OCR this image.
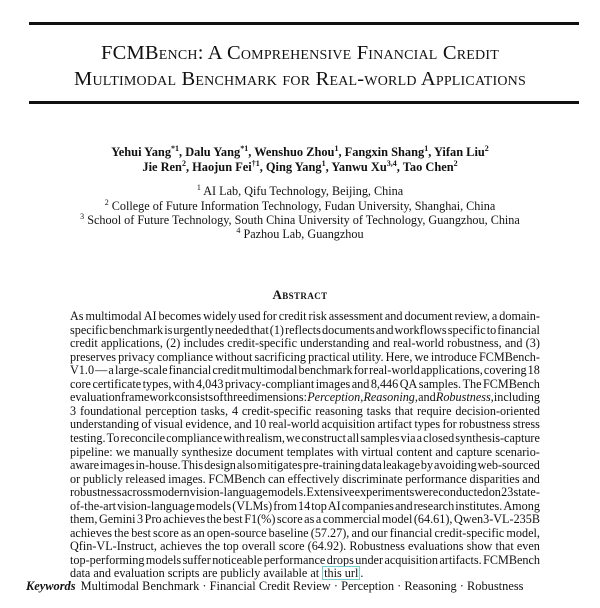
FCMBench: A Comprehensive Financial Credit
Multimodal Benchmark for Real-world Applications
Yehui Yang$^{*1}$, Dalu Yang$^{*1}$, Wenshuo Zhou$^1$, Fangxin Shang$^1$, Yifan Liu$^2$
Jie Ren$^2$, Haojun Fei$^{\dagger 1}$, Qing Yang$^1$, Yanwu Xu$^{3,4}$, Tao Chen$^2$
$^1$ AI Lab, Qifu Technology, Beijing, China
$^2$ College of Future Information Technology, Fudan University, Shanghai, China
$^3$ School of Future Technology, South China University of Technology, Guangzhou, China
$^4$ Pazhou Lab, Guangzhou
Abstract
As multimodal AI becomes widely used for credit risk assessment and document review, a domain-
specific benchmark is urgently needed that (1) reflects documents and workflows specific to financial
credit applications, (2) includes credit-specific understanding and real-world robustness, and (3)
preserves privacy compliance without sacrificing practical utility. Here, we introduce FCMBench-
V1.0 — a large-scale financial credit multimodal benchmark for real-world applications, covering 18
core certificate types, with 4,043 privacy-compliant images and 8,446 QA samples. The FCMBench
evaluation framework consists of three dimensions: Perception, Reasoning, and Robustness, including
3 foundational perception tasks, 4 credit-specific reasoning tasks that require decision-oriented
understanding of visual evidence, and 10 real-world acquisition artifact types for robustness stress
testing. To reconcile compliance with realism, we construct all samples via a closed synthesis-capture
pipeline: we manually synthesize document templates with virtual content and capture scenario-
aware images in-house. This design also mitigates pre-training data leakage by avoiding web-sourced
or publicly released images. FCMBench can effectively discriminate performance disparities and
robustness across modern vision-language models. Extensive experiments were conducted on 23 state-
of-the-art vision-language models (VLMs) from 14 top AI companies and research institutes. Among
them, Gemini 3 Pro achieves the best F1(%) score as a commercial model (64.61), Qwen3-VL-235B
achieves the best score as an open-source baseline (57.27), and our financial credit-specific model,
Qfin-VL-Instruct, achieves the top overall score (64.92). Robustness evaluations show that even
top-performing models suffer noticeable performance drops under acquisition artifacts. FCMBench
data and evaluation scripts are publicly available at this url .
Keywords Multimodal Benchmark · Financial Credit Review · Perception · Reasoning · Robustness
